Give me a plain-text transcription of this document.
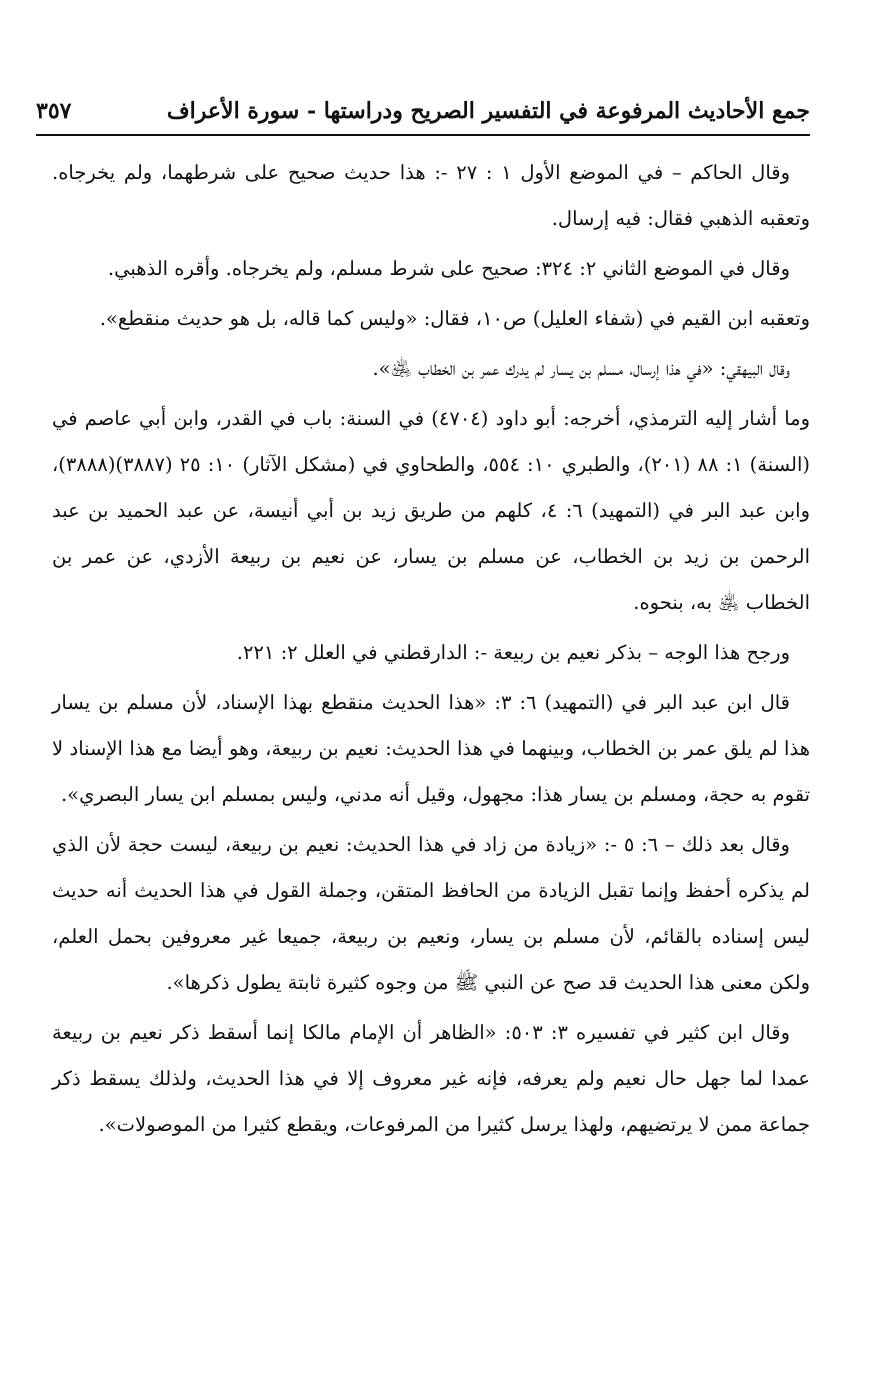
جمع الأحاديث المرفوعة في التفسير الصريح ودراستها - سورة الأعراف
٣٥٧

وقال الحاكم – في الموضع الأول ١ : ٢٧ -: هذا حديث صحيح على شرطهما، ولم يخرجاه. وتعقبه الذهبي فقال: فيه إرسال.

وقال في الموضع الثاني ٢: ٣٢٤: صحيح على شرط مسلم، ولم يخرجاه. وأقره الذهبي.

وتعقبه ابن القيم في (شفاء العليل) ص١٠، فقال: «وليس كما قاله، بل هو حديث منقطع».

وقال البيهقي: «في هذا إرسال، مسلم بن يسار لم يدرك عمر بن الخطاب ﵁».

وما أشار إليه الترمذي، أخرجه: أبو داود (٤٧٠٤) في السنة: باب في القدر، وابن أبي عاصم في (السنة) ١: ٨٨ (٢٠١)، والطبري ١٠: ٥٥٤، والطحاوي في (مشكل الآثار) ١٠: ٢٥ (٣٨٨٧)(٣٨٨٨)، وابن عبد البر في (التمهيد) ٦: ٤، كلهم من طريق زيد بن أبي أنيسة، عن عبد الحميد بن عبد الرحمن بن زيد بن الخطاب، عن مسلم بن يسار، عن نعيم بن ربيعة الأزدي، عن عمر بن الخطاب ﵁ به، بنحوه.

ورجح هذا الوجه – بذكر نعيم بن ربيعة -: الدارقطني في العلل ٢: ٢٢١.

قال ابن عبد البر في (التمهيد) ٦: ٣: «هذا الحديث منقطع بهذا الإسناد، لأن مسلم بن يسار هذا لم يلق عمر بن الخطاب، وبينهما في هذا الحديث: نعيم بن ربيعة، وهو أيضا مع هذا الإسناد لا تقوم به حجة، ومسلم بن يسار هذا: مجهول، وقيل أنه مدني، وليس بمسلم ابن يسار البصري».

وقال بعد ذلك – ٦: ٥ -: «زيادة من زاد في هذا الحديث: نعيم بن ربيعة، ليست حجة لأن الذي لم يذكره أحفظ وإنما تقبل الزيادة من الحافظ المتقن، وجملة القول في هذا الحديث أنه حديث ليس إسناده بالقائم، لأن مسلم بن يسار، ونعيم بن ربيعة، جميعا غير معروفين بحمل العلم، ولكن معنى هذا الحديث قد صح عن النبي ﷺ من وجوه كثيرة ثابتة يطول ذكرها».

وقال ابن كثير في تفسيره ٣: ٥٠٣: «الظاهر أن الإمام مالكا إنما أسقط ذكر نعيم بن ربيعة عمدا لما جهل حال نعيم ولم يعرفه، فإنه غير معروف إلا في هذا الحديث، ولذلك يسقط ذكر جماعة ممن لا يرتضيهم، ولهذا يرسل كثيرا من المرفوعات، ويقطع كثيرا من الموصولات».
